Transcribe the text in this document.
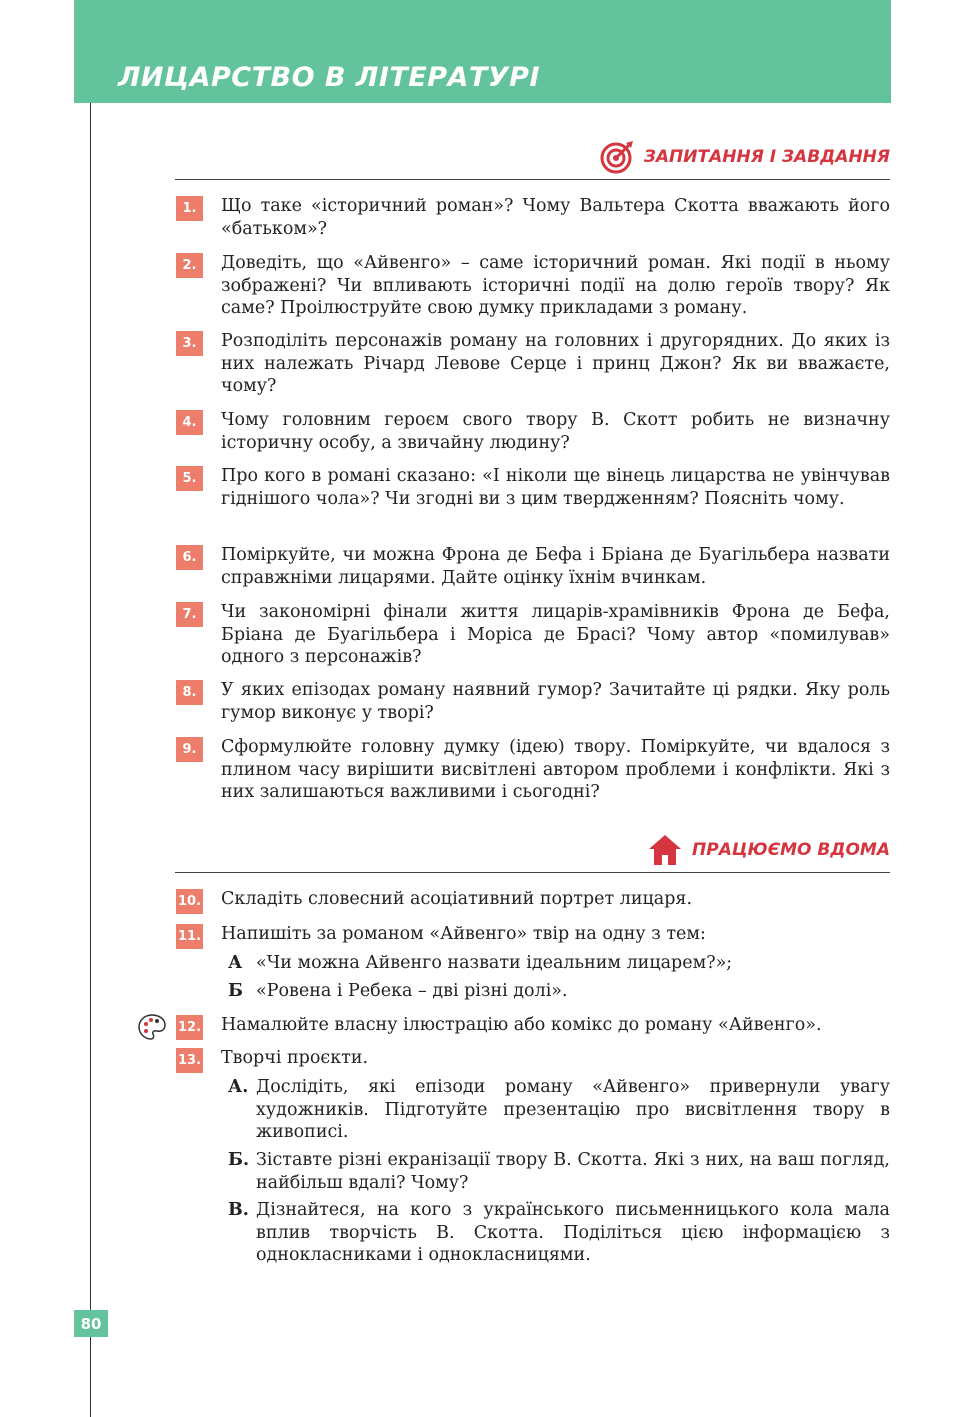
ЛИЦАРСТВО В ЛІТЕРАТУРІ
ЗАПИТАННЯ І ЗАВДАННЯ
1.	Що таке «історичний роман»? Чому Вальтера Скотта вважають його «батьком»?
2.	Доведіть, що «Айвенго» – саме історичний роман. Які події в ньому зображені? Чи впливають історичні події на долю героїв твору? Як саме? Проілюструйте свою думку прикладами з роману.
3.	Розподіліть персонажів роману на головних і другорядних. До яких із них належать Річард Левове Серце і принц Джон? Як ви вважаєте, чому?
4.	Чому головним героєм свого твору В. Скотт робить не визначну історичну особу, а звичайну людину?
5.	Про кого в романі сказано: «І ніколи ще вінець лицарства не увінчував гіднішого чола»? Чи згодні ви з цим твердженням? Поясніть чому.
6.	Поміркуйте, чи можна Фрона де Бефа і Бріана де Буагільбера назвати справжніми лицарями. Дайте оцінку їхнім вчинкам.
7.	Чи закономірні фінали життя лицарів-храмівників Фрона де Бефа, Бріана де Буагільбера і Моріса де Брасі? Чому автор «помилував» одного з персонажів?
8.	У яких епізодах роману наявний гумор? Зачитайте ці рядки. Яку роль гумор виконує у творі?
9.	Сформулюйте головну думку (ідею) твору. Поміркуйте, чи вдалося з плином часу вирішити висвітлені автором проблеми і конфлікти. Які з них залишаються важливими і сьогодні?
ПРАЦЮЄМО ВДОМА
10. Складіть словесний асоціативний портрет лицаря.
11. Напишіть за романом «Айвенго» твір на одну з тем:
А «Чи можна Айвенго назвати ідеальним лицарем?»;
Б «Ровена і Ребека – дві різні долі».
12. Намалюйте власну ілюстрацію або комікс до роману «Айвенго».
13. Творчі проєкти.
А. Дослідіть, які епізоди роману «Айвенго» привернули увагу художників. Підготуйте презентацію про висвітлення твору в живописі.
Б. Зіставте різні екранізації твору В. Скотта. Які з них, на ваш погляд, найбільш вдалі? Чому?
В. Дізнайтеся, на кого з українського письменницького кола мала вплив творчість В. Скотта. Поділіться цією інформацією з однокласниками і однокласницями.
80
